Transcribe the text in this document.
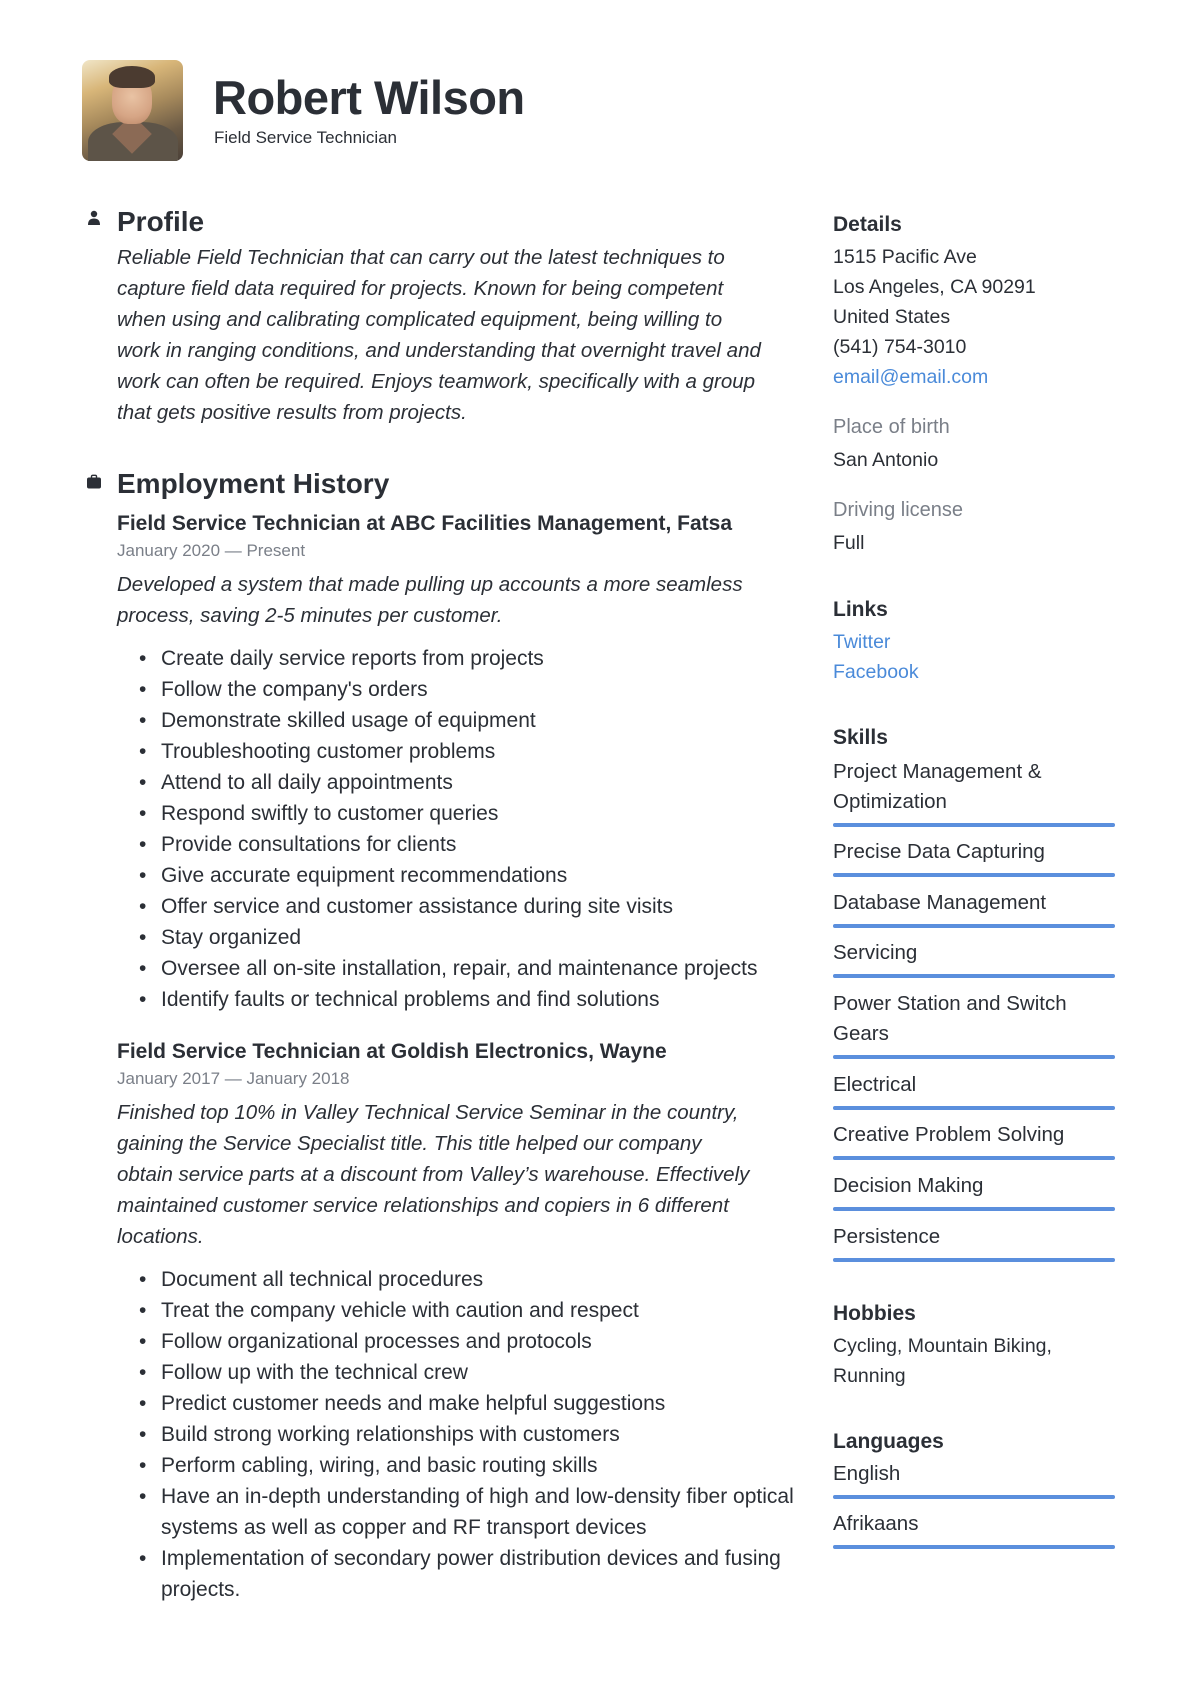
Robert Wilson
Field Service Technician
Profile
Reliable Field Technician that can carry out the latest techniques to
capture field data required for projects. Known for being competent
when using and calibrating complicated equipment, being willing to
work in ranging conditions, and understanding that overnight travel and
work can often be required. Enjoys teamwork, specifically with a group
that gets positive results from projects.
Employment History
Field Service Technician at ABC Facilities Management, Fatsa
January 2020 — Present
Developed a system that made pulling up accounts a more seamless
process, saving 2-5 minutes per customer.
• Create daily service reports from projects
• Follow the company's orders
• Demonstrate skilled usage of equipment
• Troubleshooting customer problems
• Attend to all daily appointments
• Respond swiftly to customer queries
• Provide consultations for clients
• Give accurate equipment recommendations
• Offer service and customer assistance during site visits
• Stay organized
• Oversee all on-site installation, repair, and maintenance projects
• Identify faults or technical problems and find solutions
Field Service Technician at Goldish Electronics, Wayne
January 2017 — January 2018
Finished top 10% in Valley Technical Service Seminar in the country,
gaining the Service Specialist title. This title helped our company
obtain service parts at a discount from Valley’s warehouse. Effectively
maintained customer service relationships and copiers in 6 different
locations.
• Document all technical procedures
• Treat the company vehicle with caution and respect
• Follow organizational processes and protocols
• Follow up with the technical crew
• Predict customer needs and make helpful suggestions
• Build strong working relationships with customers
• Perform cabling, wiring, and basic routing skills
• Have an in-depth understanding of high and low-density fiber optical systems as well as copper and RF transport devices
• Implementation of secondary power distribution devices and fusing projects.
Details
1515 Pacific Ave
Los Angeles, CA 90291
United States
(541) 754-3010
email@email.com
Place of birth
San Antonio
Driving license
Full
Links
Twitter
Facebook
Skills
Project Management & Optimization
Precise Data Capturing
Database Management
Servicing
Power Station and Switch Gears
Electrical
Creative Problem Solving
Decision Making
Persistence
Hobbies
Cycling, Mountain Biking,
Running
Languages
English
Afrikaans
